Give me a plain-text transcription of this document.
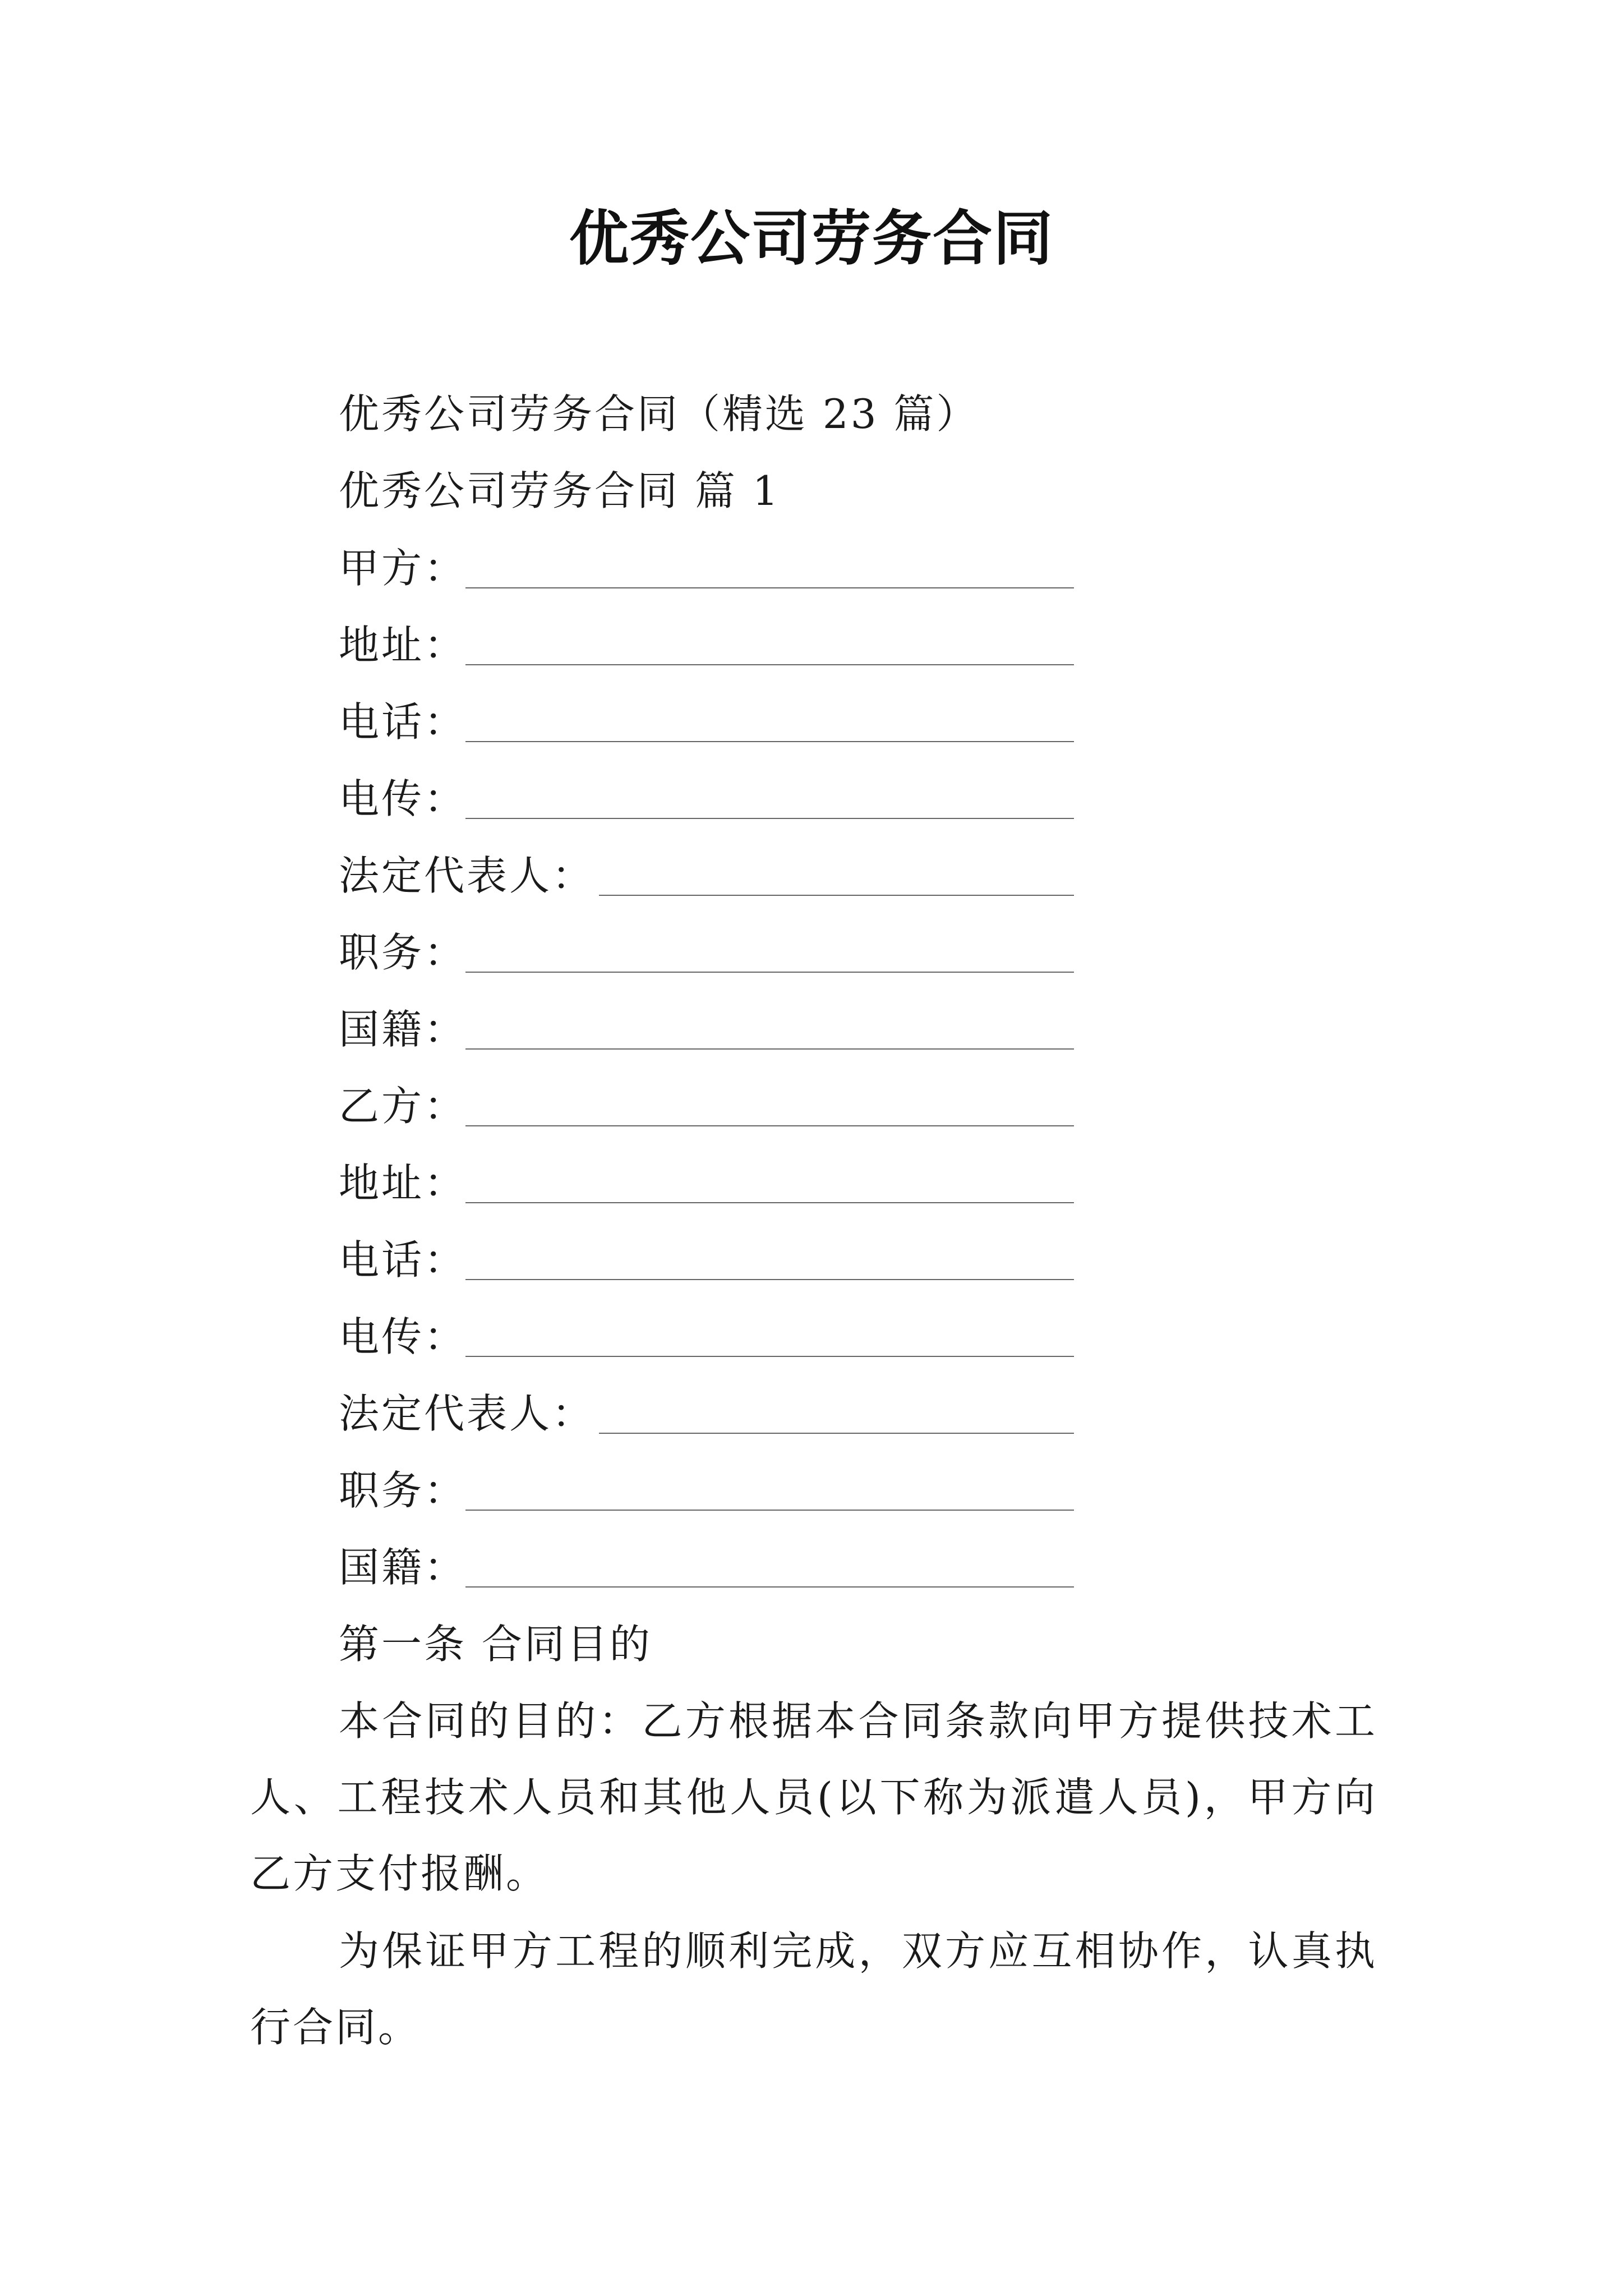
优秀公司劳务合同
优秀公司劳务合同（精选 23 篇）
优秀公司劳务合同 篇 1
甲方：
地址：
电话：
电传：
法定代表人：
职务：
国籍：
乙方：
地址：
电话：
电传：
法定代表人：
职务：
国籍：
第一条 合同目的
本合同的目的：乙方根据本合同条款向甲方提供技术工人、工程技术人员和其他人员(以下称为派遣人员)，甲方向乙方支付报酬。
为保证甲方工程的顺利完成，双方应互相协作，认真执行合同。
